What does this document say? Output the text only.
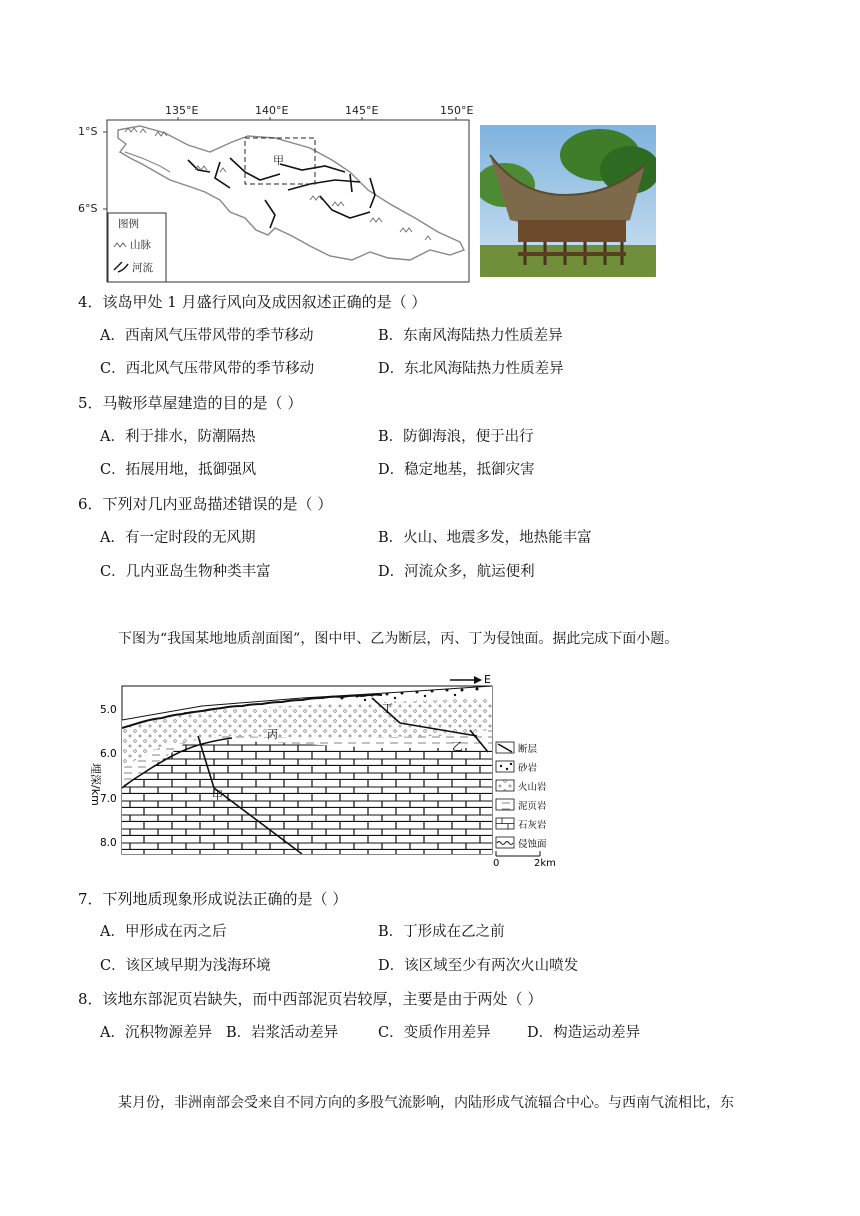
135°E	140°E	145°E	150°E
1°S
6°S
甲
图例
山脉
河流
4．该岛甲处 1 月盛行风向及成因叙述正确的是（ ）
A．西南风气压带风带的季节移动	B．东南风海陆热力性质差异
C．西北风气压带风带的季节移动	D．东北风海陆热力性质差异
5．马鞍形草屋建造的目的是（ ）
A．利于排水，防潮隔热	B．防御海浪，便于出行
C．拓展用地，抵御强风	D．稳定地基，抵御灾害
6．下列对几内亚岛描述错误的是（ ）
A．有一定时段的无风期	B．火山、地震多发，地热能丰富
C．几内亚岛生物种类丰富	D．河流众多，航运便利
下图为“我国某地地质剖面图”，图中甲、乙为断层，丙、丁为侵蚀面。据此完成下面小题。
E
5.0
6.0
7.0
8.0
埋深/km
丙
丁
甲
乙	断层
砂岩
火山岩
泥页岩
石灰岩
侵蚀面
0	2km
7．下列地质现象形成说法正确的是（ ）
A．甲形成在丙之后	B．丁形成在乙之前
C．该区域早期为浅海环境	D．该区域至少有两次火山喷发
8．该地东部泥页岩缺失，而中西部泥页岩较厚，主要是由于两处（ ）
A．沉积物源差异 B．岩浆活动差异	C．变质作用差异	D．构造运动差异
某月份，非洲南部会受来自不同方向的多股气流影响，内陆形成气流辐合中心。与西南气流相比，东
